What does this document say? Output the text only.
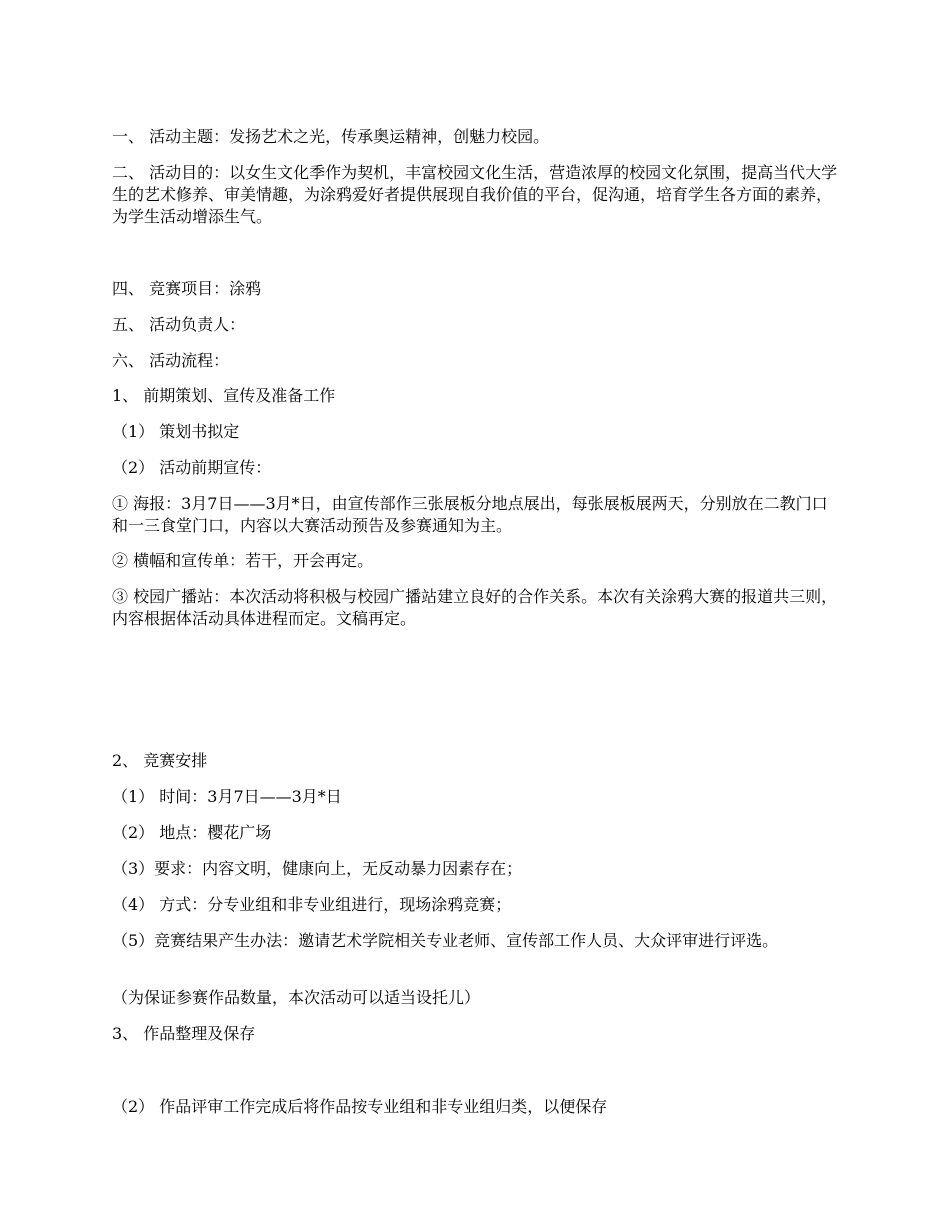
一、 活动主题：发扬艺术之光，传承奥运精神，创魅力校园。

二、 活动目的：以女生文化季作为契机，丰富校园文化生活，营造浓厚的校园文化氛围，提高当代大学生的艺术修养、审美情趣，为涂鸦爱好者提供展现自我价值的平台，促沟通，培育学生各方面的素养，为学生活动增添生气。

四、 竞赛项目：涂鸦

五、 活动负责人：

六、 活动流程：

1、 前期策划、宣传及准备工作

（1） 策划书拟定

（2） 活动前期宣传：

① 海报：3月7日——3月*日，由宣传部作三张展板分地点展出，每张展板展两天，分别放在二教门口和一三食堂门口，内容以大赛活动预告及参赛通知为主。

② 横幅和宣传单：若干，开会再定。

③ 校园广播站：本次活动将积极与校园广播站建立良好的合作关系。本次有关涂鸦大赛的报道共三则，内容根据体活动具体进程而定。文稿再定。

2、 竞赛安排

（1） 时间：3月7日——3月*日

（2） 地点：樱花广场

（3）要求：内容文明，健康向上，无反动暴力因素存在；

（4） 方式：分专业组和非专业组进行，现场涂鸦竞赛；

（5）竞赛结果产生办法：邀请艺术学院相关专业老师、宣传部工作人员、大众评审进行评选。

（为保证参赛作品数量，本次活动可以适当设托儿）

3、 作品整理及保存

（2） 作品评审工作完成后将作品按专业组和非专业组归类，以便保存
